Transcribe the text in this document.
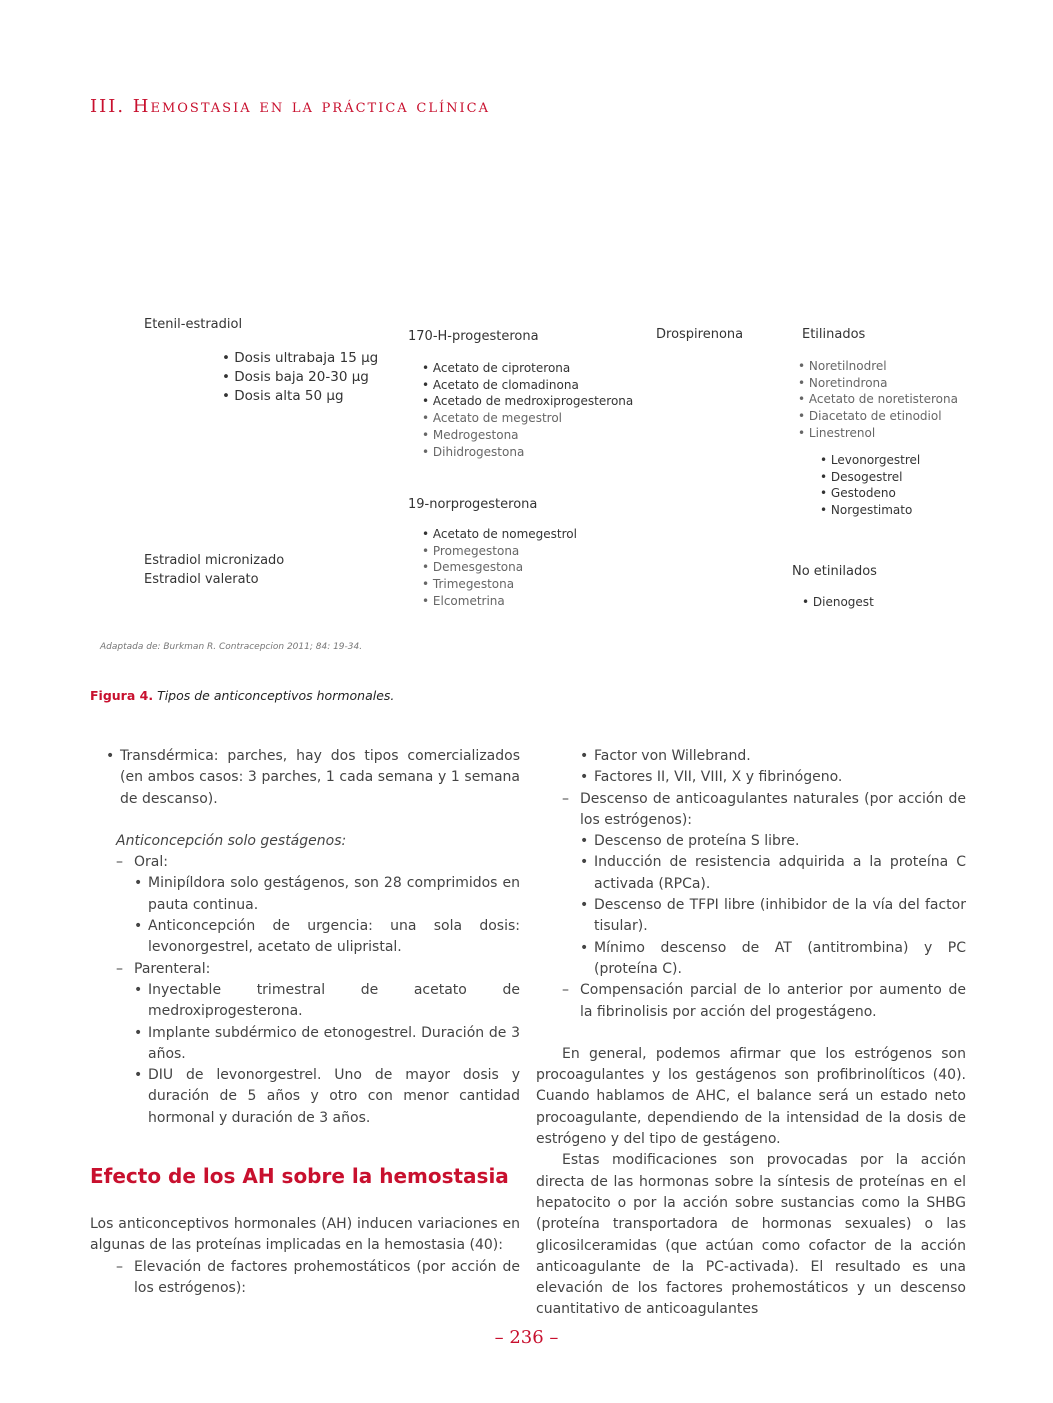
III. Hemostasia en la práctica clínica
Etenil-estradiol
• Dosis ultrabaja 15 µg
• Dosis baja 20-30 µg
• Dosis alta 50 µg
Estradiol micronizado
Estradiol valerato
170-H-progesterona
• Acetato de ciproterona
• Acetato de clomadinona
• Acetado de medroxiprogesterona
• Acetato de megestrol
• Medrogestona
• Dihidrogestona
19-norprogesterona
• Acetato de nomegestrol
• Promegestona
• Demesgestona
• Trimegestona
• Elcometrina
Drospirenona	Etilinados
• Noretilnodrel
• Noretindrona
• Acetato de noretisterona
• Diacetato de etinodiol
• Linestrenol
• Levonorgestrel
• Desogestrel
• Gestodeno
• Norgestimato
No etinilados
• Dienogest
Adaptada de: Burkman R. Contracepcion 2011; 84: 19-34.
Figura 4. Tipos de anticonceptivos hormonales.

• Transdérmica: parches, hay dos tipos comercializados (en ambos casos: 3 parches, 1 cada semana y 1 semana de descanso).

Anticoncepción solo gestágenos:

– Oral:

• Minipíldora solo gestágenos, son 28 comprimidos en pauta continua.

• Anticoncepción de urgencia: una sola dosis: levonorgestrel, acetato de ulipristal.

– Parenteral:

• Inyectable trimestral de acetato de medroxiprogesterona.

• Implante subdérmico de etonogestrel. Duración de 3 años.

• DIU de levonorgestrel. Uno de mayor dosis y duración de 5 años y otro con menor cantidad hormonal y duración de 3 años.

Efecto de los AH sobre la hemostasia

Los anticonceptivos hormonales (AH) inducen variaciones en algunas de las proteínas implicadas en la hemostasia (40):

– Elevación de factores prohemostáticos (por acción de los estrógenos):

• Factor von Willebrand.

• Factores II, VII, VIII, X y fibrinógeno.

– Descenso de anticoagulantes naturales (por acción de los estrógenos):

• Descenso de proteína S libre.

• Inducción de resistencia adquirida a la proteína C activada (RPCa).

• Descenso de TFPI libre (inhibidor de la vía del factor tisular).

• Mínimo descenso de AT (antitrombina) y PC (proteína C).

– Compensación parcial de lo anterior por aumento de la fibrinolisis por acción del progestágeno.

En general, podemos afirmar que los estrógenos son procoagulantes y los gestágenos son profibrinolíticos (40). Cuando hablamos de AHC, el balance será un estado neto procoagulante, dependiendo de la intensidad de la dosis de estrógeno y del tipo de gestágeno.

Estas modificaciones son provocadas por la acción directa de las hormonas sobre la síntesis de proteínas en el hepatocito o por la acción sobre sustancias como la SHBG (proteína transportadora de hormonas sexuales) o las glicosilceramidas (que actúan como cofactor de la acción anticoagulante de la PC-activada). El resultado es una elevación de los factores prohemostáticos y un descenso cuantitativo de anticoagulantes

– 236 –
